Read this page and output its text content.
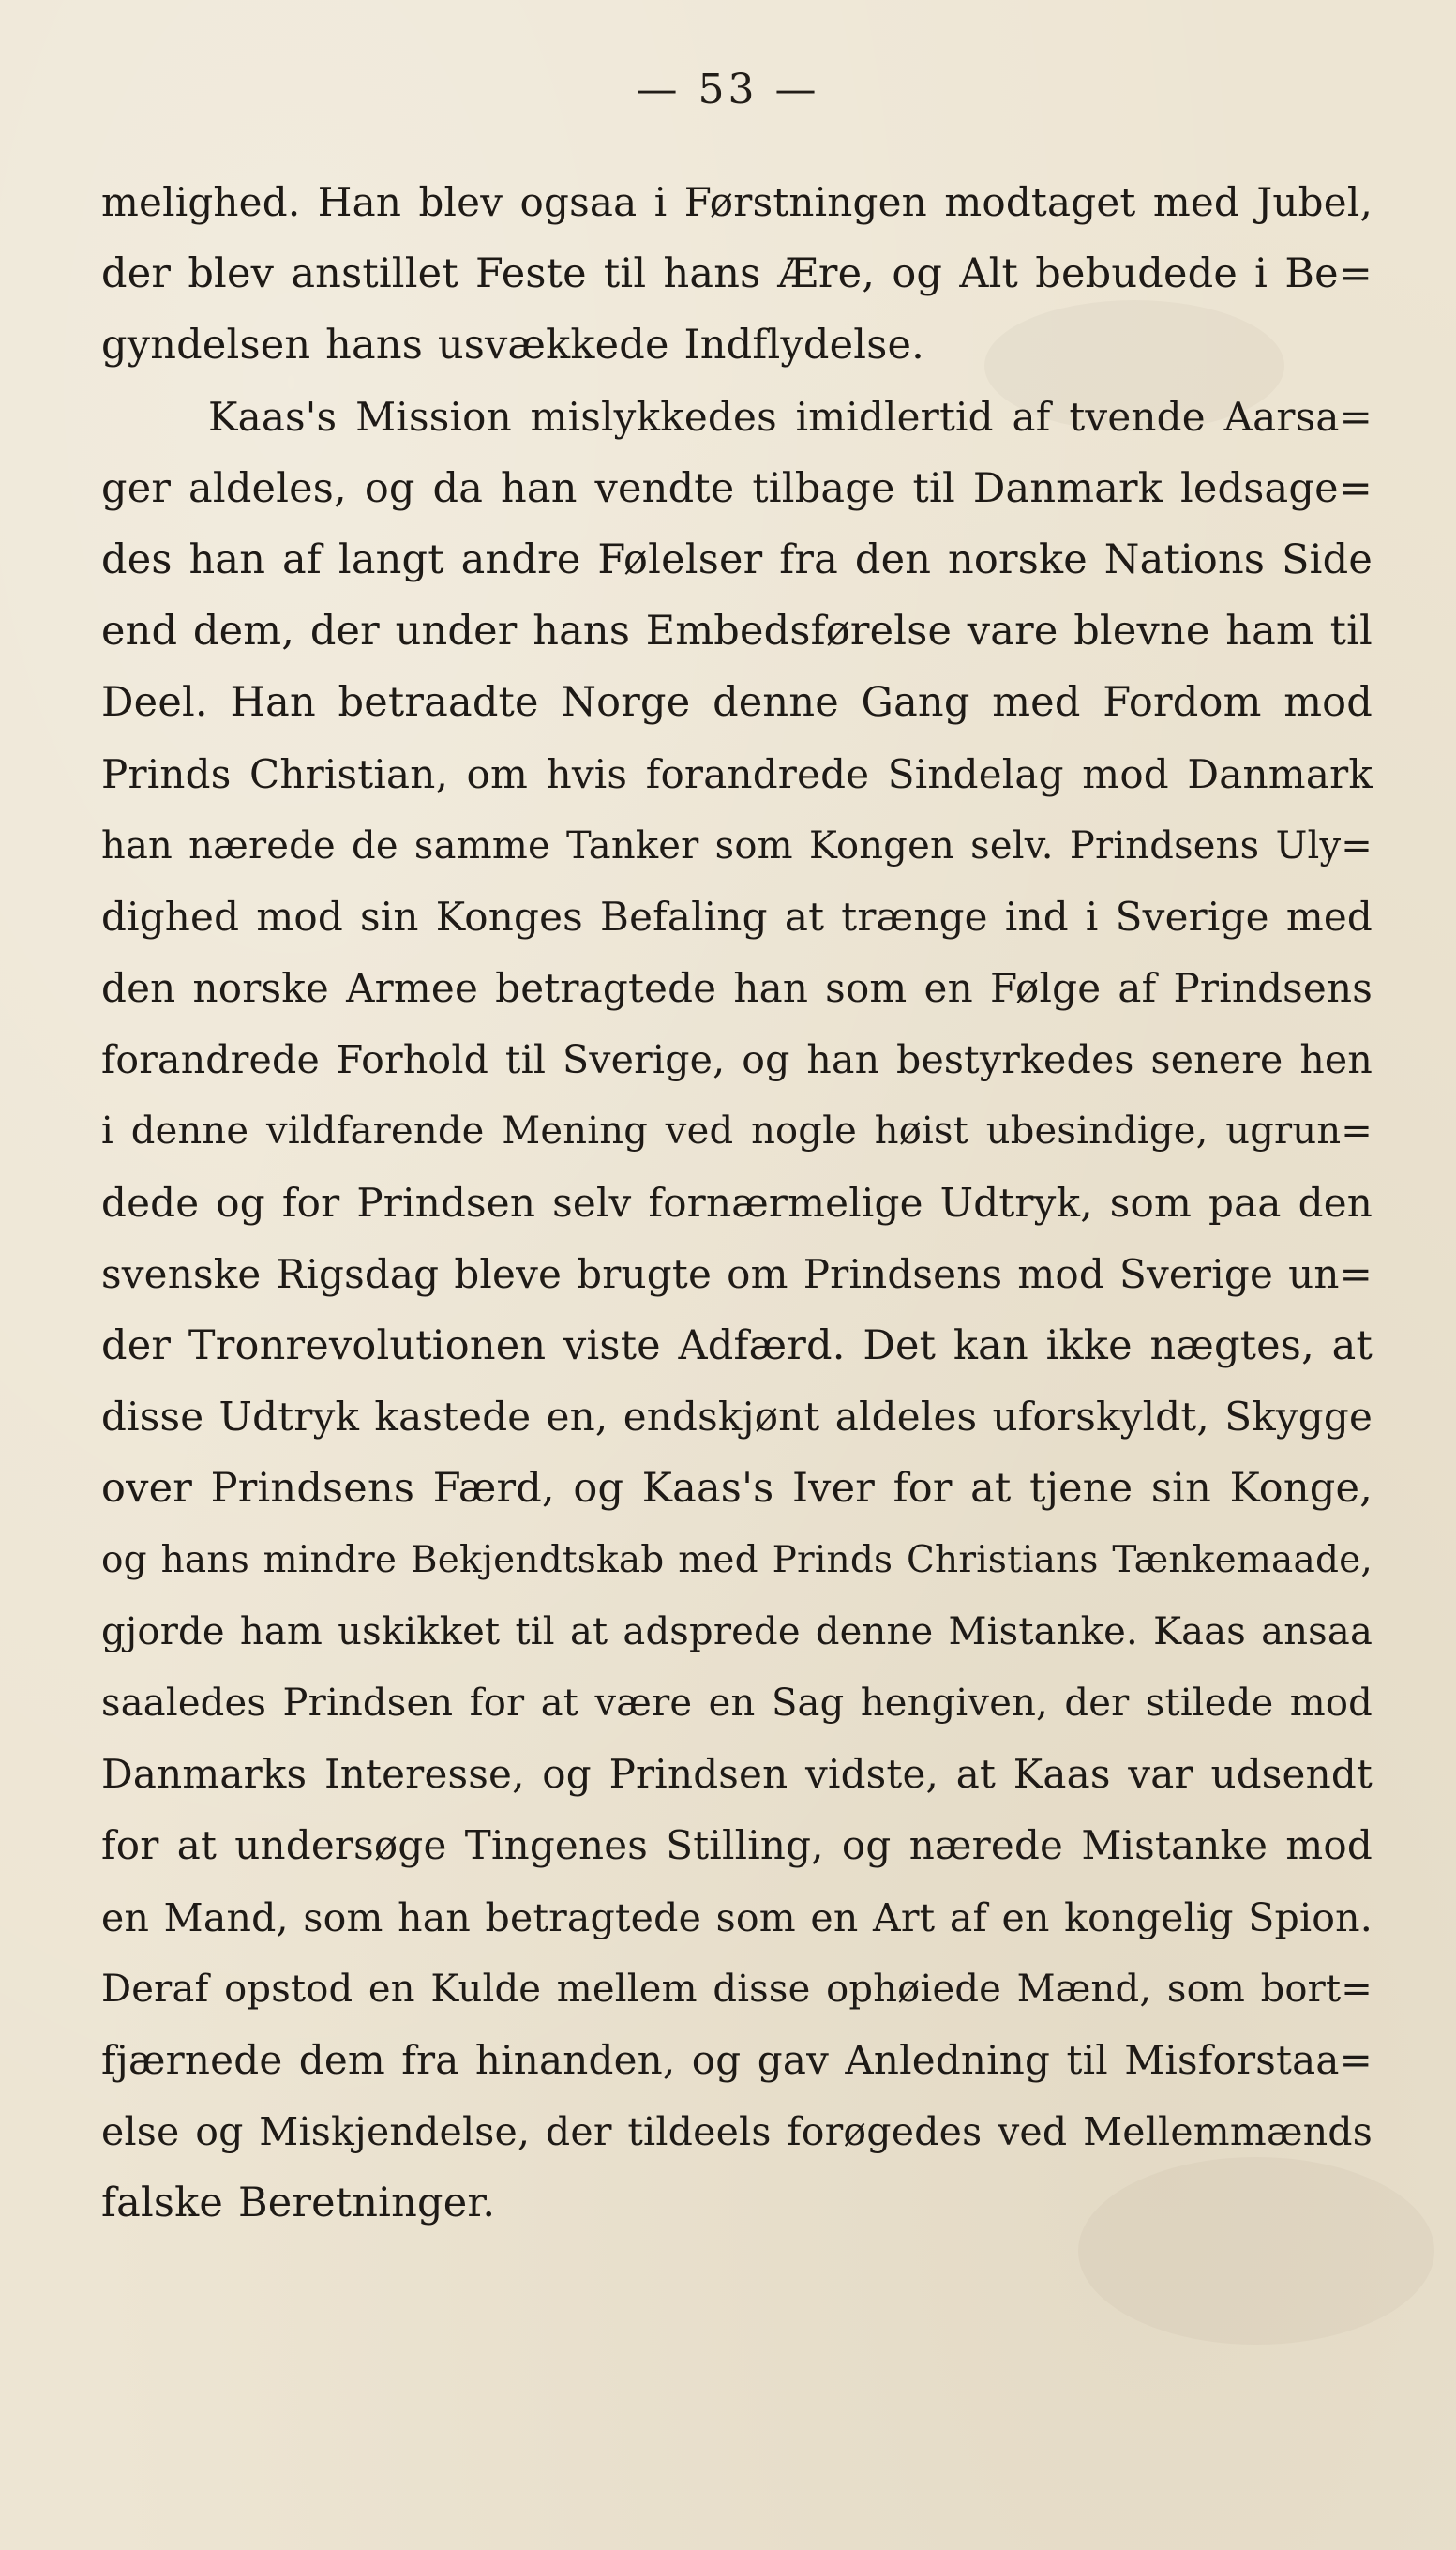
— 53 —
melighed. Han blev ogsaa i Førstningen modtaget med Jubel,
der blev anstillet Feste til hans Ære, og Alt bebudede i Be=
gyndelsen hans usvækkede Indflydelse.
Kaas's Mission mislykkedes imidlertid af tvende Aarsa=
ger aldeles, og da han vendte tilbage til Danmark ledsage=
des han af langt andre Følelser fra den norske Nations Side
end dem, der under hans Embedsførelse vare blevne ham til
Deel. Han betraadte Norge denne Gang med Fordom mod
Prinds Christian, om hvis forandrede Sindelag mod Danmark
han nærede de samme Tanker som Kongen selv. Prindsens Uly=
dighed mod sin Konges Befaling at trænge ind i Sverige med
den norske Armee betragtede han som en Følge af Prindsens
forandrede Forhold til Sverige, og han bestyrkedes senere hen
i denne vildfarende Mening ved nogle høist ubesindige, ugrun=
dede og for Prindsen selv fornærmelige Udtryk, som paa den
svenske Rigsdag bleve brugte om Prindsens mod Sverige un=
der Tronrevolutionen viste Adfærd. Det kan ikke nægtes, at
disse Udtryk kastede en, endskjønt aldeles uforskyldt, Skygge
over Prindsens Færd, og Kaas's Iver for at tjene sin Konge,
og hans mindre Bekjendtskab med Prinds Christians Tænkemaade,
gjorde ham uskikket til at adsprede denne Mistanke. Kaas ansaa
saaledes Prindsen for at være en Sag hengiven, der stilede mod
Danmarks Interesse, og Prindsen vidste, at Kaas var udsendt
for at undersøge Tingenes Stilling, og nærede Mistanke mod
en Mand, som han betragtede som en Art af en kongelig Spion.
Deraf opstod en Kulde mellem disse ophøiede Mænd, som bort=
fjærnede dem fra hinanden, og gav Anledning til Misforstaa=
else og Miskjendelse, der tildeels forøgedes ved Mellemmænds
falske Beretninger.
